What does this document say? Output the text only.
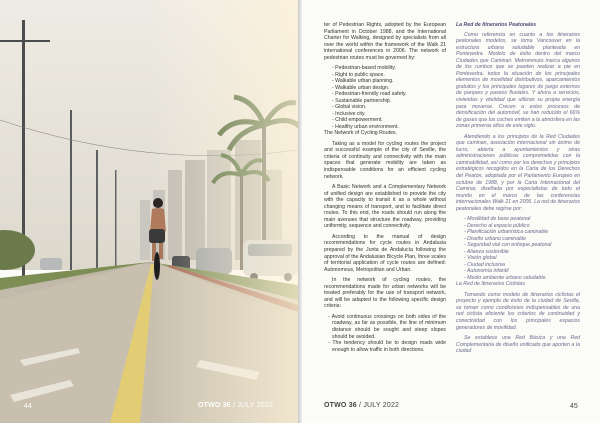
44	OTWO 36 / JULY 2022

ter of Pedestrian Rights, adopted by the European Parliament in October 1988, and the International Charter for Walking, designed by specialists from all over the world within the framework of the Walk 21 international conferences in 2006. The network of pedestrian routes must be governed by:

- Pedestrian-based mobility.
- Right to public space.
- Walkable urban planning.
- Walkable urban design.
- Pedestrian-friendly road safety.
- Sustainable partnership.
- Global vision.
- Inclusive city.
- Child empowerment.
- Healthy urban environment.
The Network of Cycling Routes.

Taking as a model for cycling routes the project and successful example of the city of Seville, the criteria of continuity and connectivity with the main spaces that generate mobility are taken as indispensable conditions for an efficient cycling network.

A Basic Network and a Complementary Network of unified design are established to provide the city with the capacity to transit it as a whole without changing means of transport, and to facilitate direct routes. To this end, the roads should run along the main avenues that structure the roadway, providing uniformity, sequence and connectivity.

According to the manual of design recommendations for cycle routes in Andalusia prepared by the Junta de Andalucía following the approval of the Andalusian Bicycle Plan, three scales of territorial application of cycle routes are defined: Autonomous, Metropolitan and Urban.

In the network of cycling routes, the recommendations made for urban networks will be treated preferably for the use of transport network, and will be adapted to the following specific design criteria:

- Avoid continuous crossings on both sides of the roadway, as far as possible, the line of minimum distance should be sought and steep slopes should be avoided.
- The tendency should be to design roads wide enough to allow traffic in both directions.
La Red de Itinerarios Peatonales

Como referencia en cuanto a los itinerarios peatonales modelos, se toma Vancouver en la estructura urbana saludable planteada en Pontevedra. Modelo de éxito dentro del marco Ciudades que Caminan. Metrominuto marca algunos de los rumbos que se pueden realizar a pie en Pontevedra, todos la situación de los principales elementos de movilidad distributivos, aparcamientos gratuitos y los principales lugares de juego externos de parques y paseos fluviales. Y ahora a servicios, viviendas y vitalidad que utilizan su propia energía para moverse. Crecen a estos procesos de densificación del automóvil, se han reducido el 66% de gases que los coches emiten a la atmósfera en las zonas primeras años de este siglo.

Atendiendo a los principios de la Red Ciudades que caminan, asociación internacional sin ánimo de lucro, abierta a ayuntamientos y otras administraciones públicas comprometidas con la caminabilidad, así como por los derechos y principios estratégicos recogidos en la Carta de los Derechos del Peatón, adoptada por el Parlamento Europeo en octubre de 1988, y por la Carta Internacional del Caminar, diseñada por especialistas de todo el mundo en el marco de las conferencias internacionales Walk 21 en 2006. La red de itinerarios peatonales debe regirse por:

- Movilidad de base peatonal
- Derecho al espacio público
- Planificación urbanística caminable
- Diseño urbano caminable
- Seguridad vial con enfoque peatonal
- Alianza sostenible
- Visión global
- Ciudad inclusiva
- Autonomía infantil
- Medio ambiente urbano saludable.
La Red de Itinerarios Ciclistas

Tomando como modelo de itinerarios ciclistas el proyecto y ejemplo de éxito de la ciudad de Sevilla, se toman como condiciones indispensables de una red ciclista eficiente los criterios de continuidad y conectividad con los principales espacios generadores de movilidad.

Se establece una Red Básica y una Red Complementaria de diseño unificado que aporten a la ciudad

OTWO 36 / JULY 2022	45
